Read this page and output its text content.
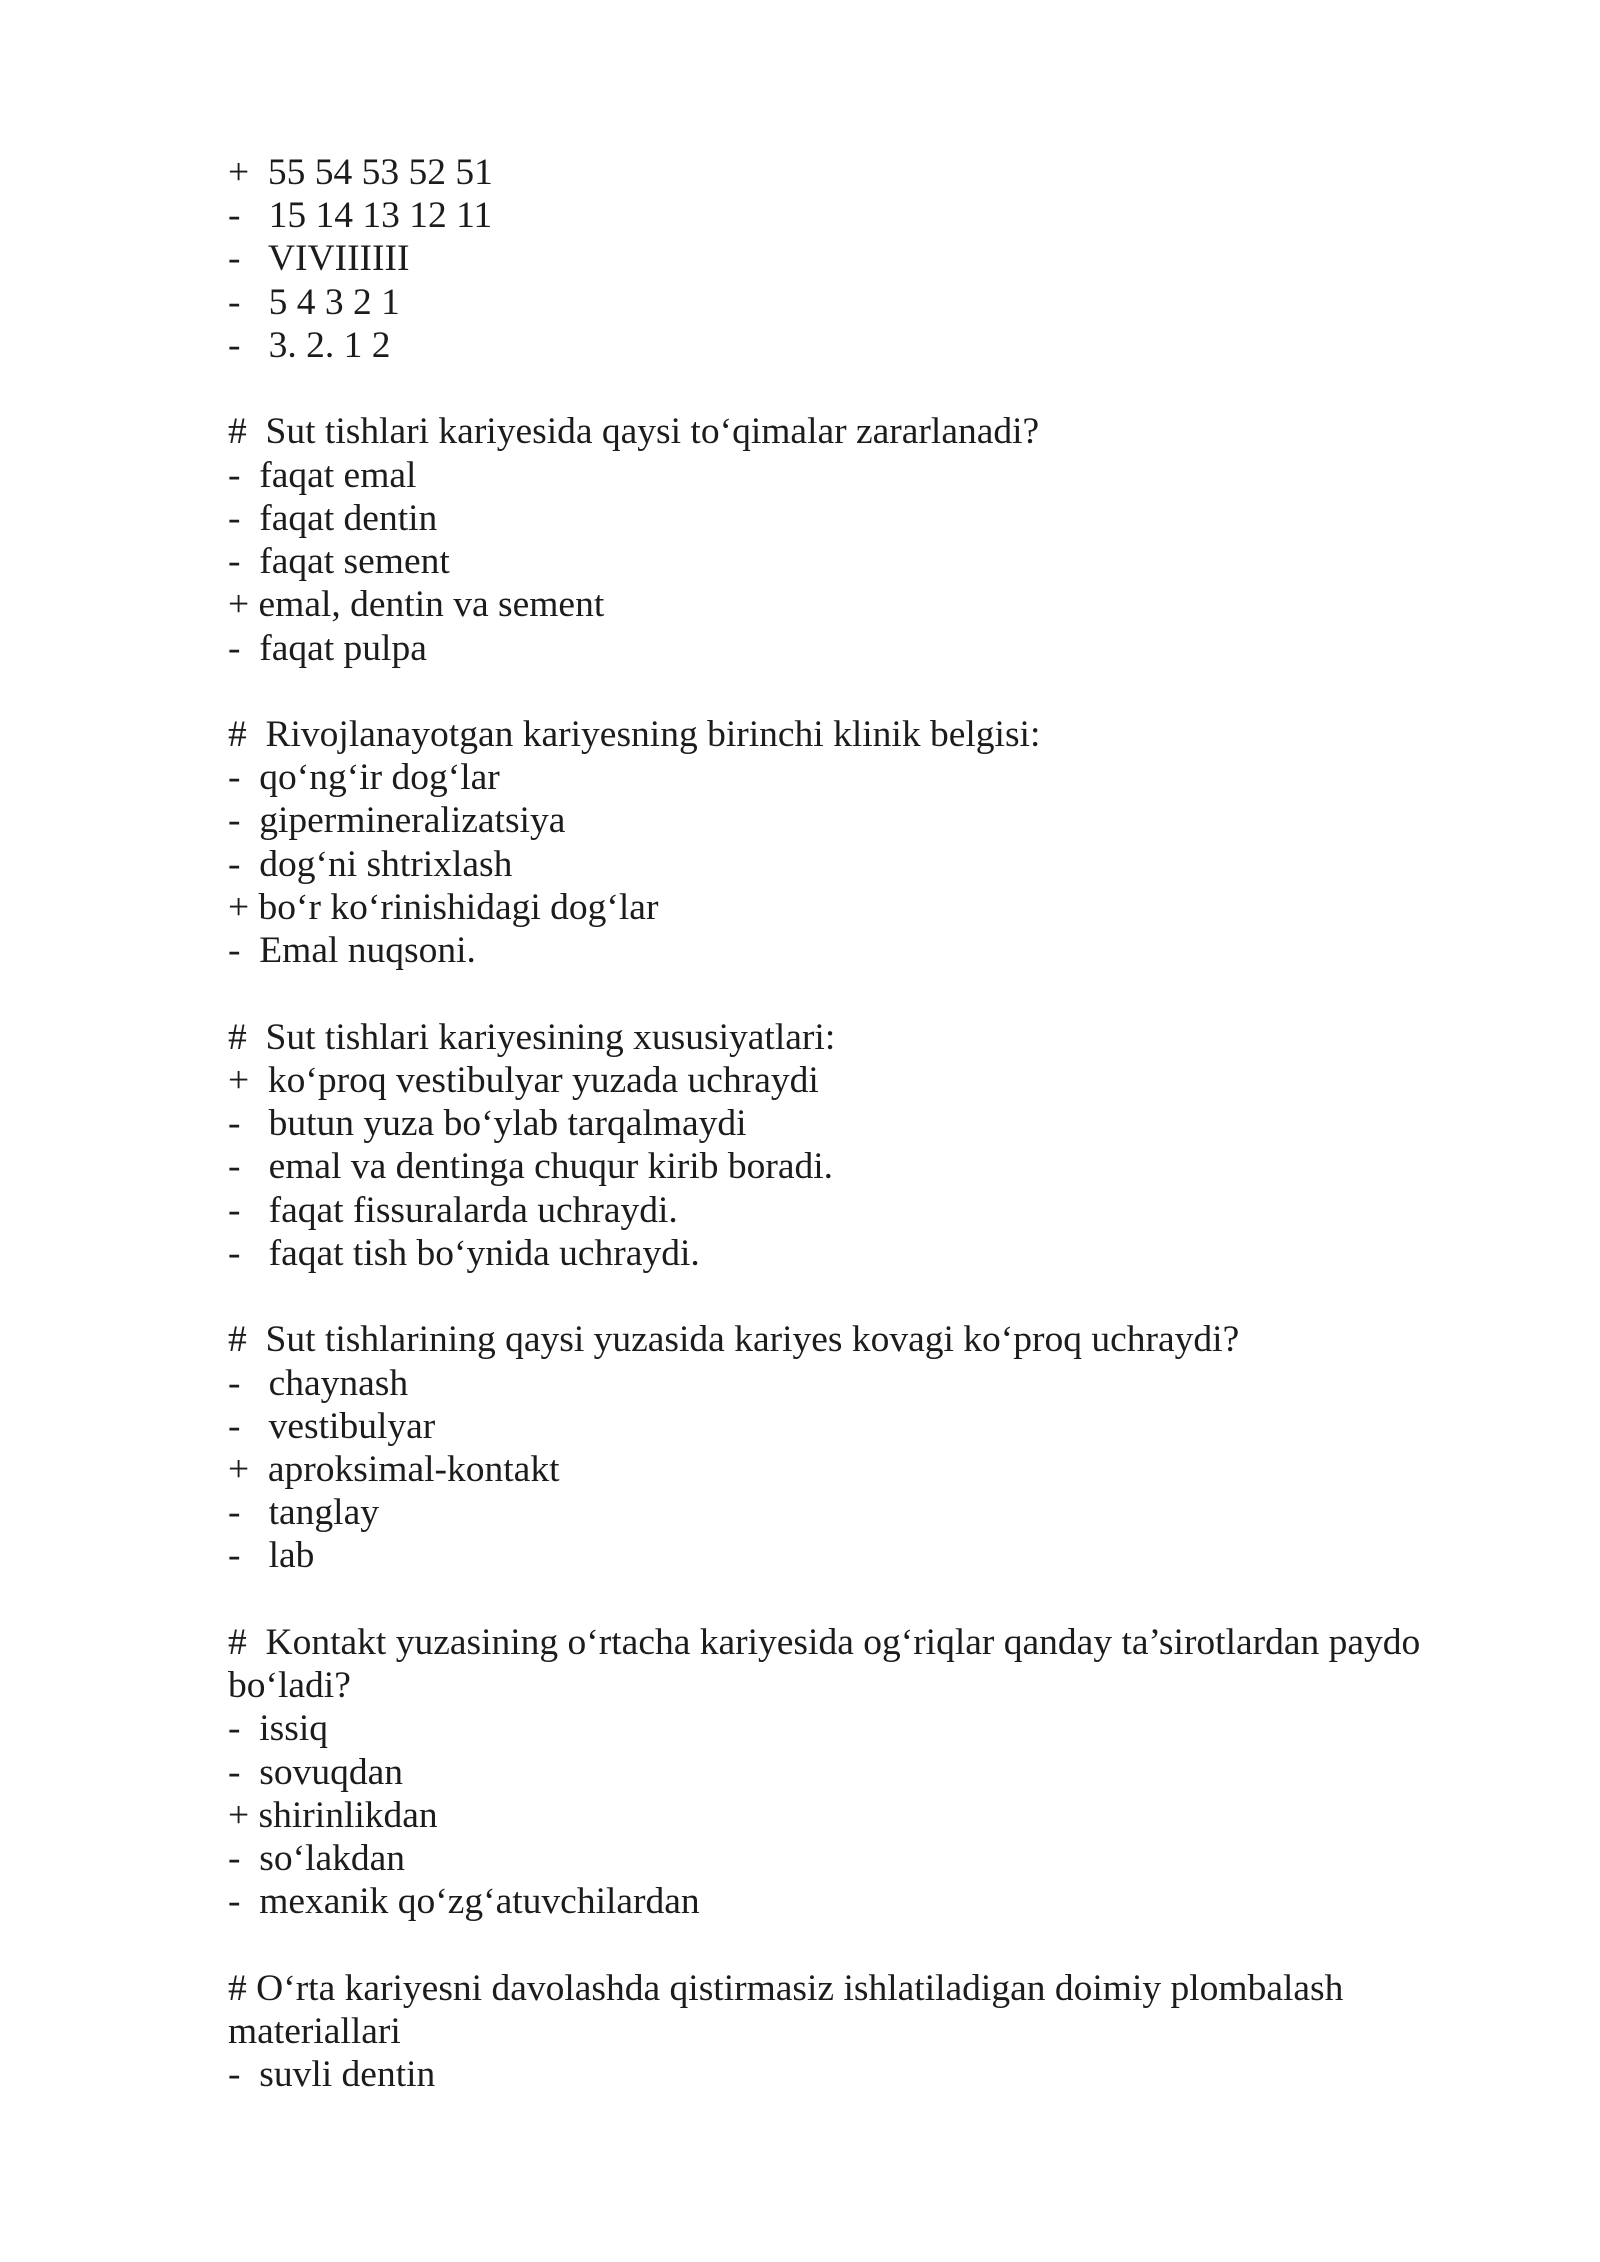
+  55 54 53 52 51
-   15 14 13 12 11
-   VIVIIIIII
-   5 4 3 2 1
-   3. 2. 1 2
#  Sut tishlari kariyesida qaysi to‘qimalar zararlanadi?
-  faqat emal
-  faqat dentin
-  faqat sement
+ emal, dentin va sement
-  faqat pulpa
#  Rivojlanayotgan kariyesning birinchi klinik belgisi:
-  qo‘ng‘ir dog‘lar
-  gipermineralizatsiya
-  dog‘ni shtrixlash
+ bo‘r ko‘rinishidagi dog‘lar
-  Emal nuqsoni.
#  Sut tishlari kariyesining xususiyatlari:
+  ko‘proq vestibulyar yuzada uchraydi
-   butun yuza bo‘ylab tarqalmaydi
-   emal va dentinga chuqur kirib boradi.
-   faqat fissuralarda uchraydi.
-   faqat tish bo‘ynida uchraydi.
#  Sut tishlarining qaysi yuzasida kariyes kovagi ko‘proq uchraydi?
-   chaynash
-   vestibulyar
+  aproksimal-kontakt
-   tanglay
-   lab
#  Kontakt yuzasining o‘rtacha kariyesida og‘riqlar qanday ta’sirotlardan paydo bo‘ladi?
-  issiq
-  sovuqdan
+ shirinlikdan
-  so‘lakdan
-  mexanik qo‘zg‘atuvchilardan
# O‘rta kariyesni davolashda qistirmasiz ishlatiladigan doimiy plombalash materiallari
-  suvli dentin
